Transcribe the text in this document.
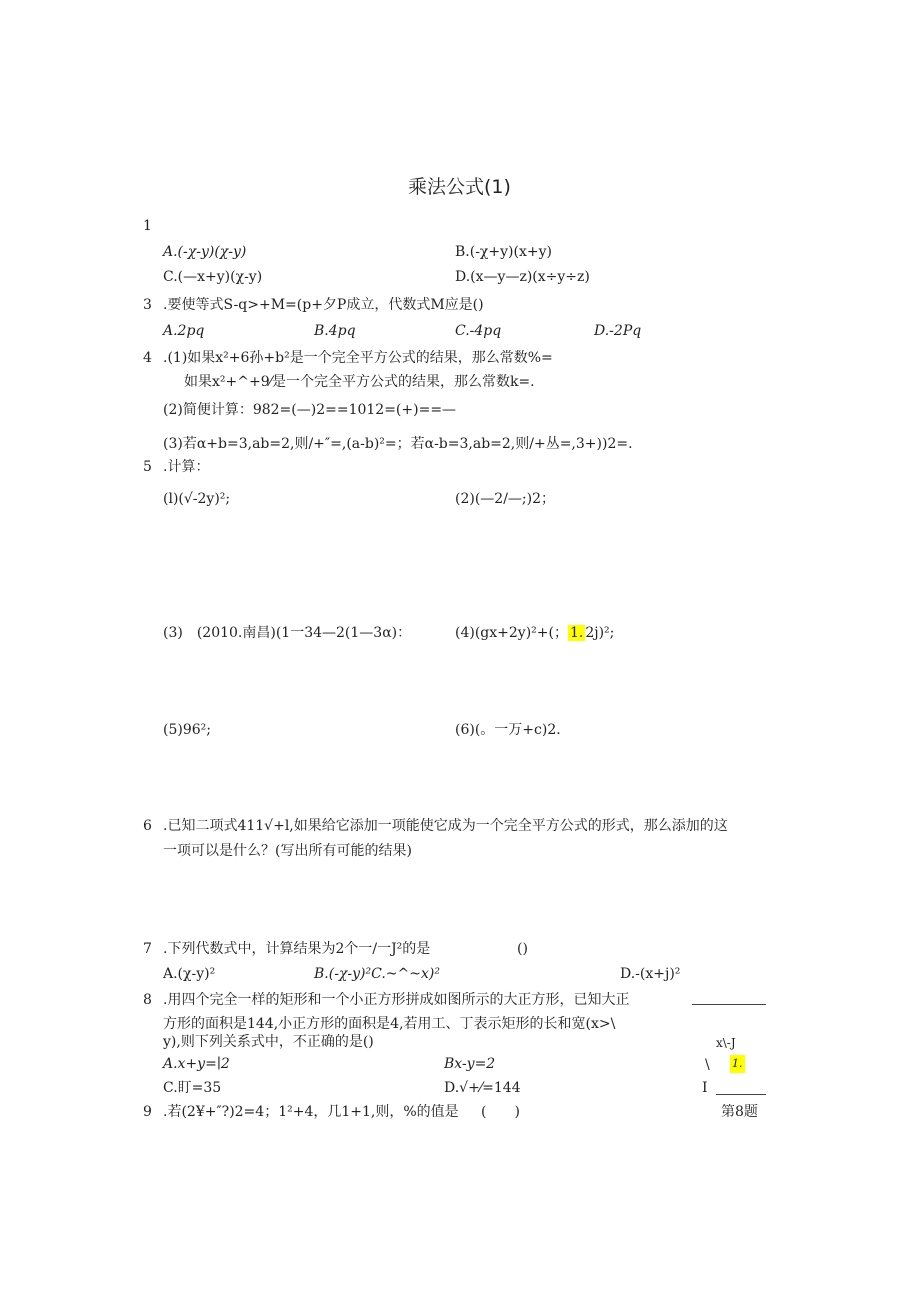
乘法公式(1)
1
A.(-χ-y)(χ-y)	B.(-χ+y)(x+y)
C.(—x+y)(χ-y)	D.(x—y—z)(x÷y÷z)
3 .要使等式S-q>+M=(p+夕P成立，代数式M应是()
A.2pq	B.4pq	C.-4pq	D.-2Pq
4 .(1)如果x²+6孙+b²是一个完全平方公式的结果，那么常数%=
如果x²+^+9⁄是一个完全平方公式的结果，那么常数k=.
(2)简便计算：982=(—)2==1012=(+)==—
(3)若α+b=3,ab=2,则/+″=,(a-b)²=；若α-b=3,ab=2,则/+丛=,3+))2=.
5 .计算：
(l)(√-2y)²;	(2)(—2/—;)2；
(3)　(2010.南昌)(1一34—2(1—3α)：	(4)(gx+2y)²+(； 1. 2j)²;
(5)96²;	(6)(。一万+c)2.
6 .已知二项式411√+l,如果给它添加一项能使它成为一个完全平方公式的形式，那么添加的这
一项可以是什么？(写出所有可能的结果)
7 .下列代数式中，计算结果为2个一/一J²的是	()
A.(χ-y)²	B.(-χ-y)²C.~^~x)²	D.-(x+j)²
8 .用四个完全一样的矩形和一个小正方形拼成如图所示的大正方形，已知大正
方形的面积是144,小正方形的面积是4,若用工、丁表示矩形的长和宽(x>\
y),则下列关系式中，不正确的是()
A.x+y=∣2	Bx-y=2
C.盯=35	D.√+⁄=144
x\-J
\ 1.
I
第8题
9 .若(2¥+″?)2=4；1²+4，几1+1,则，%的值是 (　　)
